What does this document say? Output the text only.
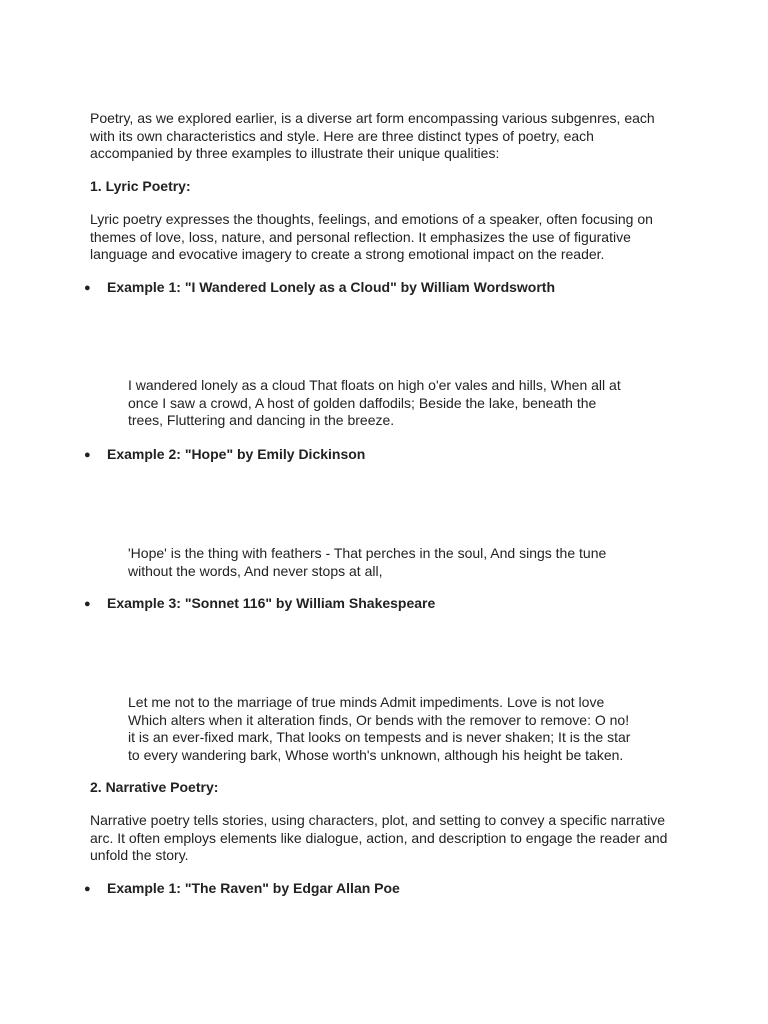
Poetry, as we explored earlier, is a diverse art form encompassing various subgenres, each with its own characteristics and style. Here are three distinct types of poetry, each accompanied by three examples to illustrate their unique qualities:

1. Lyric Poetry:

Lyric poetry expresses the thoughts, feelings, and emotions of a speaker, often focusing on themes of love, loss, nature, and personal reflection. It emphasizes the use of figurative language and evocative imagery to create a strong emotional impact on the reader.

● Example 1: "I Wandered Lonely as a Cloud" by William Wordsworth

I wandered lonely as a cloud That floats on high o'er vales and hills, When all at once I saw a crowd, A host of golden daffodils; Beside the lake, beneath the trees, Fluttering and dancing in the breeze.

● Example 2: "Hope" by Emily Dickinson

'Hope' is the thing with feathers - That perches in the soul, And sings the tune without the words, And never stops at all,

● Example 3: "Sonnet 116" by William Shakespeare

Let me not to the marriage of true minds Admit impediments. Love is not love Which alters when it alteration finds, Or bends with the remover to remove: O no! it is an ever-fixed mark, That looks on tempests and is never shaken; It is the star to every wandering bark, Whose worth's unknown, although his height be taken.

2. Narrative Poetry:

Narrative poetry tells stories, using characters, plot, and setting to convey a specific narrative arc. It often employs elements like dialogue, action, and description to engage the reader and unfold the story.

● Example 1: "The Raven" by Edgar Allan Poe
